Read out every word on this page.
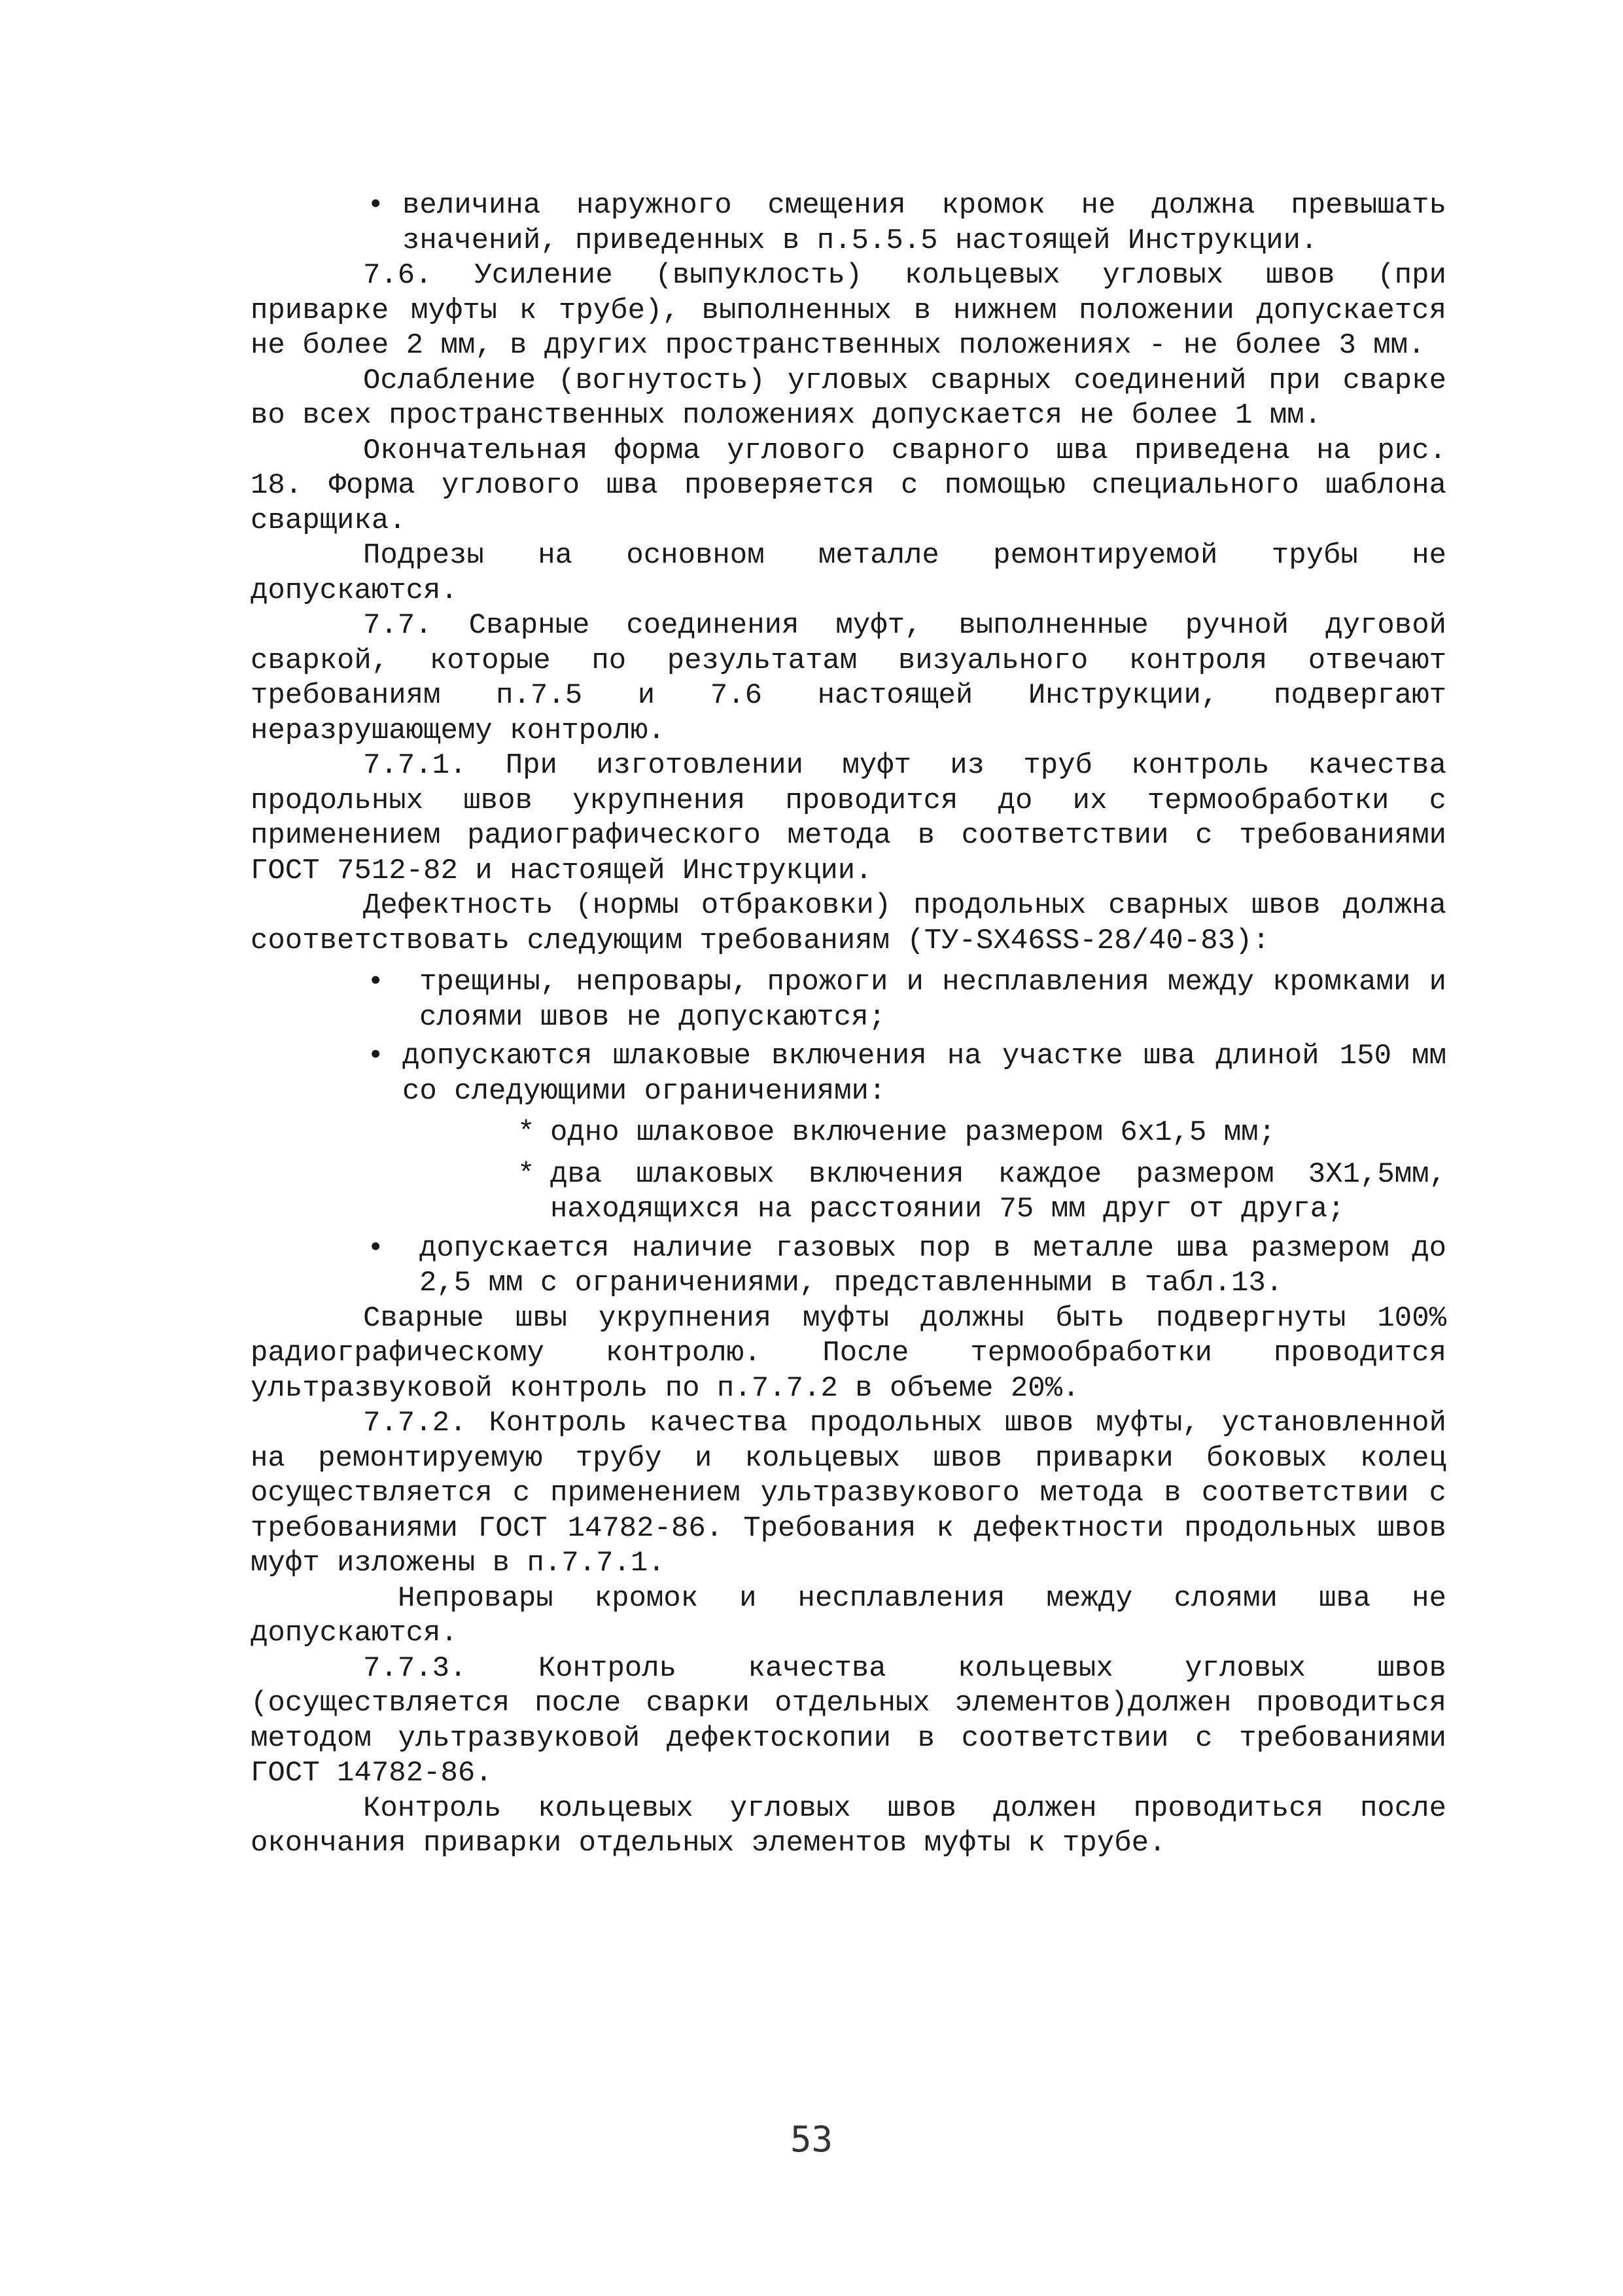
• величина наружного смещения кромок не должна превышать значений, приведенных в п.5.5.5 настоящей Инструкции.

7.6. Усиление (выпуклость) кольцевых угловых швов (при приварке муфты к трубе), выполненных в нижнем положении допускается не более 2 мм, в других пространственных положениях - не более 3 мм.

Ослабление (вогнутость) угловых сварных соединений при сварке во всех пространственных положениях допускается не более 1 мм.

Окончательная форма углового сварного шва приведена на рис. 18. Форма углового шва проверяется с помощью специального шаблона сварщика.

Подрезы на основном металле ремонтируемой трубы не допускаются.

7.7. Сварные соединения муфт, выполненные ручной дуговой сваркой, которые по результатам визуального контроля отвечают требованиям п.7.5 и 7.6 настоящей Инструкции, подвергают неразрушающему контролю.

7.7.1. При изготовлении муфт из труб контроль качества продольных швов укрупнения проводится до их термообработки с применением радиографического метода в соответствии с требованиями ГОСТ 7512-82 и настоящей Инструкции.

Дефектность (нормы отбраковки) продольных сварных швов должна соответствовать следующим требованиям (ТУ-SX46SS-28/40-83):

• трещины, непровары, прожоги и несплавления между кромками и слоями швов не допускаются;
• допускаются шлаковые включения на участке шва длиной 150 мм со следующими ограничениями:
* одно шлаковое включение размером 6x1,5 мм;
* два шлаковых включения каждое размером 3Х1,5мм, находящихся на расстоянии 75 мм друг от друга;
• допускается наличие газовых пор в металле шва размером до 2,5 мм с ограничениями, представленными в табл.13.

Сварные швы укрупнения муфты должны быть подвергнуты 100% радиографическому контролю. После термообработки проводится ультразвуковой контроль по п.7.7.2 в объеме 20%.

7.7.2. Контроль качества продольных швов муфты, установленной на ремонтируемую трубу и кольцевых швов приварки боковых колец осуществляется с применением ультразвукового метода в соответствии с требованиями ГОСТ 14782-86. Требования к дефектности продольных швов муфт изложены в п.7.7.1.

Непровары кромок и несплавления между слоями шва не допускаются.

7.7.3. Контроль качества кольцевых угловых швов (осуществляется после сварки отдельных элементов)должен проводиться методом ультразвуковой дефектоскопии в соответствии с требованиями ГОСТ 14782-86.

Контроль кольцевых угловых швов должен проводиться после окончания приварки отдельных элементов муфты к трубе.

53
